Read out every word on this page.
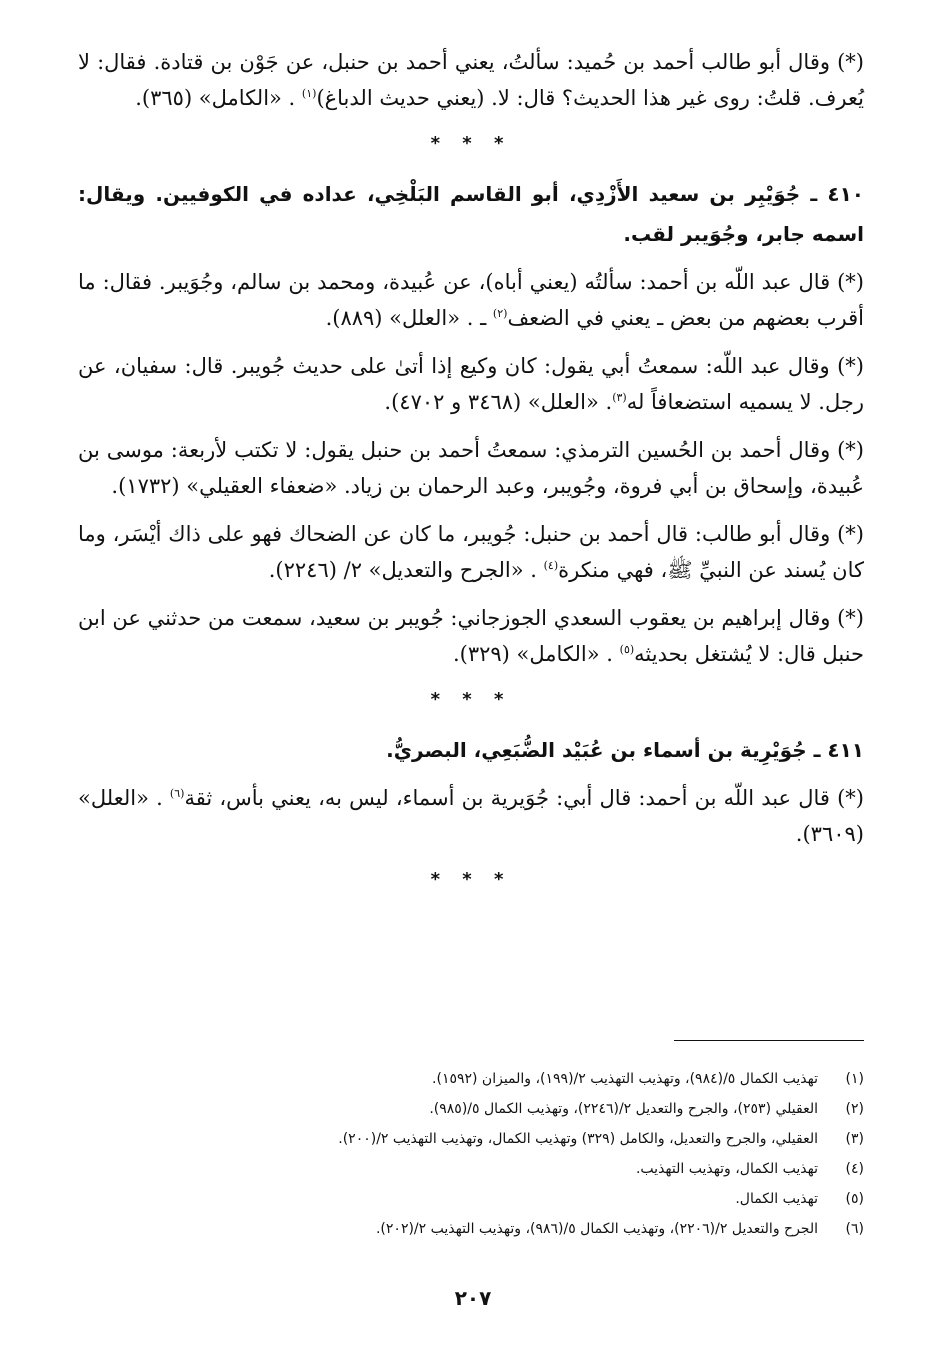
(*) وقال أبو طالب أحمد بن حُميد: سألتُ، يعني أحمد بن حنبل، عن جَوْن بن قتادة. فقال: لا يُعرف. قلتُ: روى غير هذا الحديث؟ قال: لا. (يعني حديث الدباغ)$^{(١)}$ . «الكامل» (٣٦٥).

* * *

٤١٠ ـ جُوَيْبِر بن سعيد الأَزْدِي، أبو القاسم البَلْخِي، عداده في الكوفيين. ويقال: اسمه جابر، وجُوَيبر لقب.

(*) قال عبد اللّه بن أحمد: سألتُه (يعني أباه)، عن عُبيدة، ومحمد بن سالم، وجُوَيبر. فقال: ما أقرب بعضهم من بعض ـ يعني في الضعف$^{(٢)}$ ـ . «العلل» (٨٨٩).

(*) وقال عبد اللّه: سمعتُ أبي يقول: كان وكيع إذا أتىٰ على حديث جُويبر. قال: سفيان، عن رجل. لا يسميه استضعافاً له$^{(٣)}$. «العلل» (٣٤٦٨ و ٤٧٠٢).

(*) وقال أحمد بن الحُسين الترمذي: سمعتُ أحمد بن حنبل يقول: لا تكتب لأربعة: موسى بن عُبيدة، وإسحاق بن أبي فروة، وجُويبر، وعبد الرحمان بن زياد. «ضعفاء العقيلي» (١٧٣٢).

(*) وقال أبو طالب: قال أحمد بن حنبل: جُويبر، ما كان عن الضحاك فهو على ذاك أيْسَر، وما كان يُسند عن النبيِّ ﷺ، فهي منكرة$^{(٤)}$ . «الجرح والتعديل» ٢/ (٢٢٤٦).

(*) وقال إبراهيم بن يعقوب السعدي الجوزجاني: جُويبر بن سعيد، سمعت من حدثني عن ابن حنبل قال: لا يُشتغل بحديثه$^{(٥)}$ . «الكامل» (٣٢٩).

* * *

٤١١ ـ جُوَيْرِية بن أسماء بن عُبَيْد الضُّبَعِي، البصريُّ.

(*) قال عبد اللّه بن أحمد: قال أبي: جُوَيرية بن أسماء، ليس به، يعني بأس، ثقة$^{(٦)}$ . «العلل» (٣٦٠٩).

* * *
(١)
تهذيب الكمال ٥/(٩٨٤)، وتهذيب التهذيب ٢/(١٩٩)، والميزان (١٥٩٢).
(٢)
العقيلي (٢٥٣)، والجرح والتعديل ٢/(٢٢٤٦)، وتهذيب الكمال ٥/(٩٨٥).
(٣)
العقيلي، والجرح والتعديل، والكامل (٣٢٩) وتهذيب الكمال، وتهذيب التهذيب ٢/(٢٠٠).
(٤)
تهذيب الكمال، وتهذيب التهذيب.
(٥)
تهذيب الكمال.
(٦)
الجرح والتعديل ٢/(٢٢٠٦)، وتهذيب الكمال ٥/(٩٨٦)، وتهذيب التهذيب ٢/(٢٠٢).
٢٠٧
